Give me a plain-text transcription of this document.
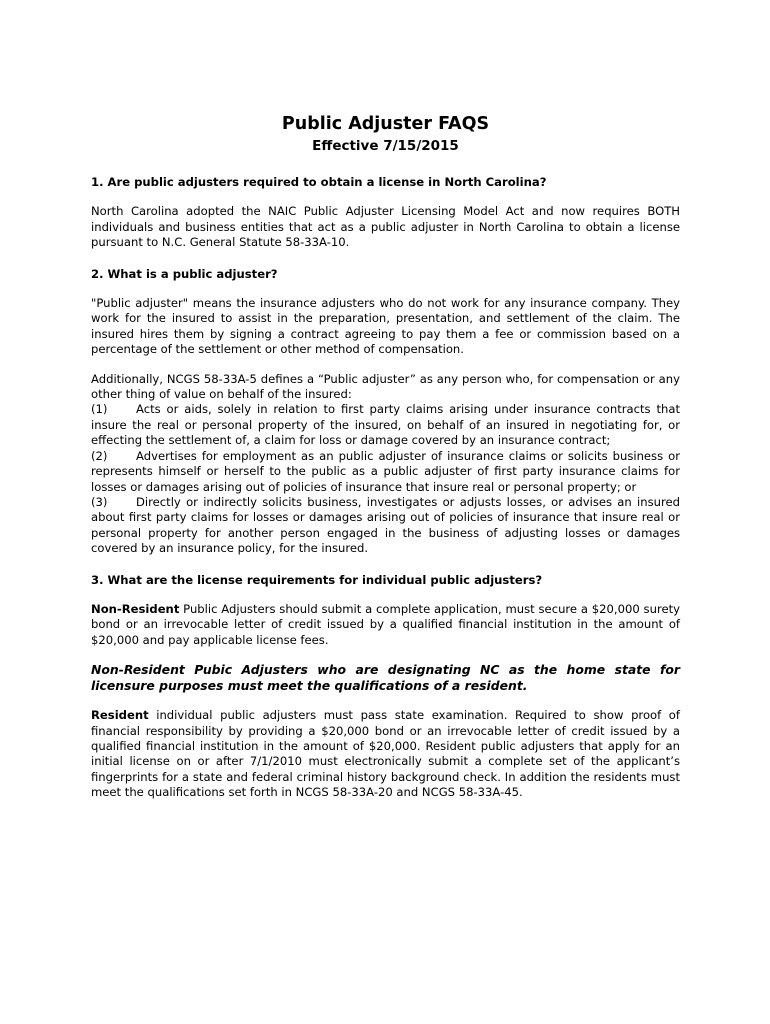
Public Adjuster FAQS
Effective 7/15/2015
1. Are public adjusters required to obtain a license in North Carolina?

North Carolina adopted the NAIC Public Adjuster Licensing Model Act and now requires BOTH individuals and business entities that act as a public adjuster in North Carolina to obtain a license pursuant to N.C. General Statute 58-33A-10.

2. What is a public adjuster?

"Public adjuster" means the insurance adjusters who do not work for any insurance company. They work for the insured to assist in the preparation, presentation, and settlement of the claim. The insured hires them by signing a contract agreeing to pay them a fee or commission based on a percentage of the settlement or other method of compensation.

Additionally, NCGS 58-33A-5 defines a “Public adjuster” as any person who, for compensation or any other thing of value on behalf of the insured:

(1) Acts or aids, solely in relation to first party claims arising under insurance contracts that insure the real or personal property of the insured, on behalf of an insured in negotiating for, or effecting the settlement of, a claim for loss or damage covered by an insurance contract;

(2) Advertises for employment as an public adjuster of insurance claims or solicits business or represents himself or herself to the public as a public adjuster of first party insurance claims for losses or damages arising out of policies of insurance that insure real or personal property; or

(3) Directly or indirectly solicits business, investigates or adjusts losses, or advises an insured about first party claims for losses or damages arising out of policies of insurance that insure real or personal property for another person engaged in the business of adjusting losses or damages covered by an insurance policy, for the insured.

3. What are the license requirements for individual public adjusters?

Non-Resident Public Adjusters should submit a complete application, must secure a $20,000 surety bond or an irrevocable letter of credit issued by a qualified financial institution in the amount of $20,000 and pay applicable license fees.

Non-Resident Pubic Adjusters who are designating NC as the home state for licensure purposes must meet the qualifications of a resident.

Resident individual public adjusters must pass state examination. Required to show proof of financial responsibility by providing a $20,000 bond or an irrevocable letter of credit issued by a qualified financial institution in the amount of $20,000. Resident public adjusters that apply for an initial license on or after 7/1/2010 must electronically submit a complete set of the applicant’s fingerprints for a state and federal criminal history background check. In addition the residents must meet the qualifications set forth in NCGS 58-33A-20 and NCGS 58-33A-45.
